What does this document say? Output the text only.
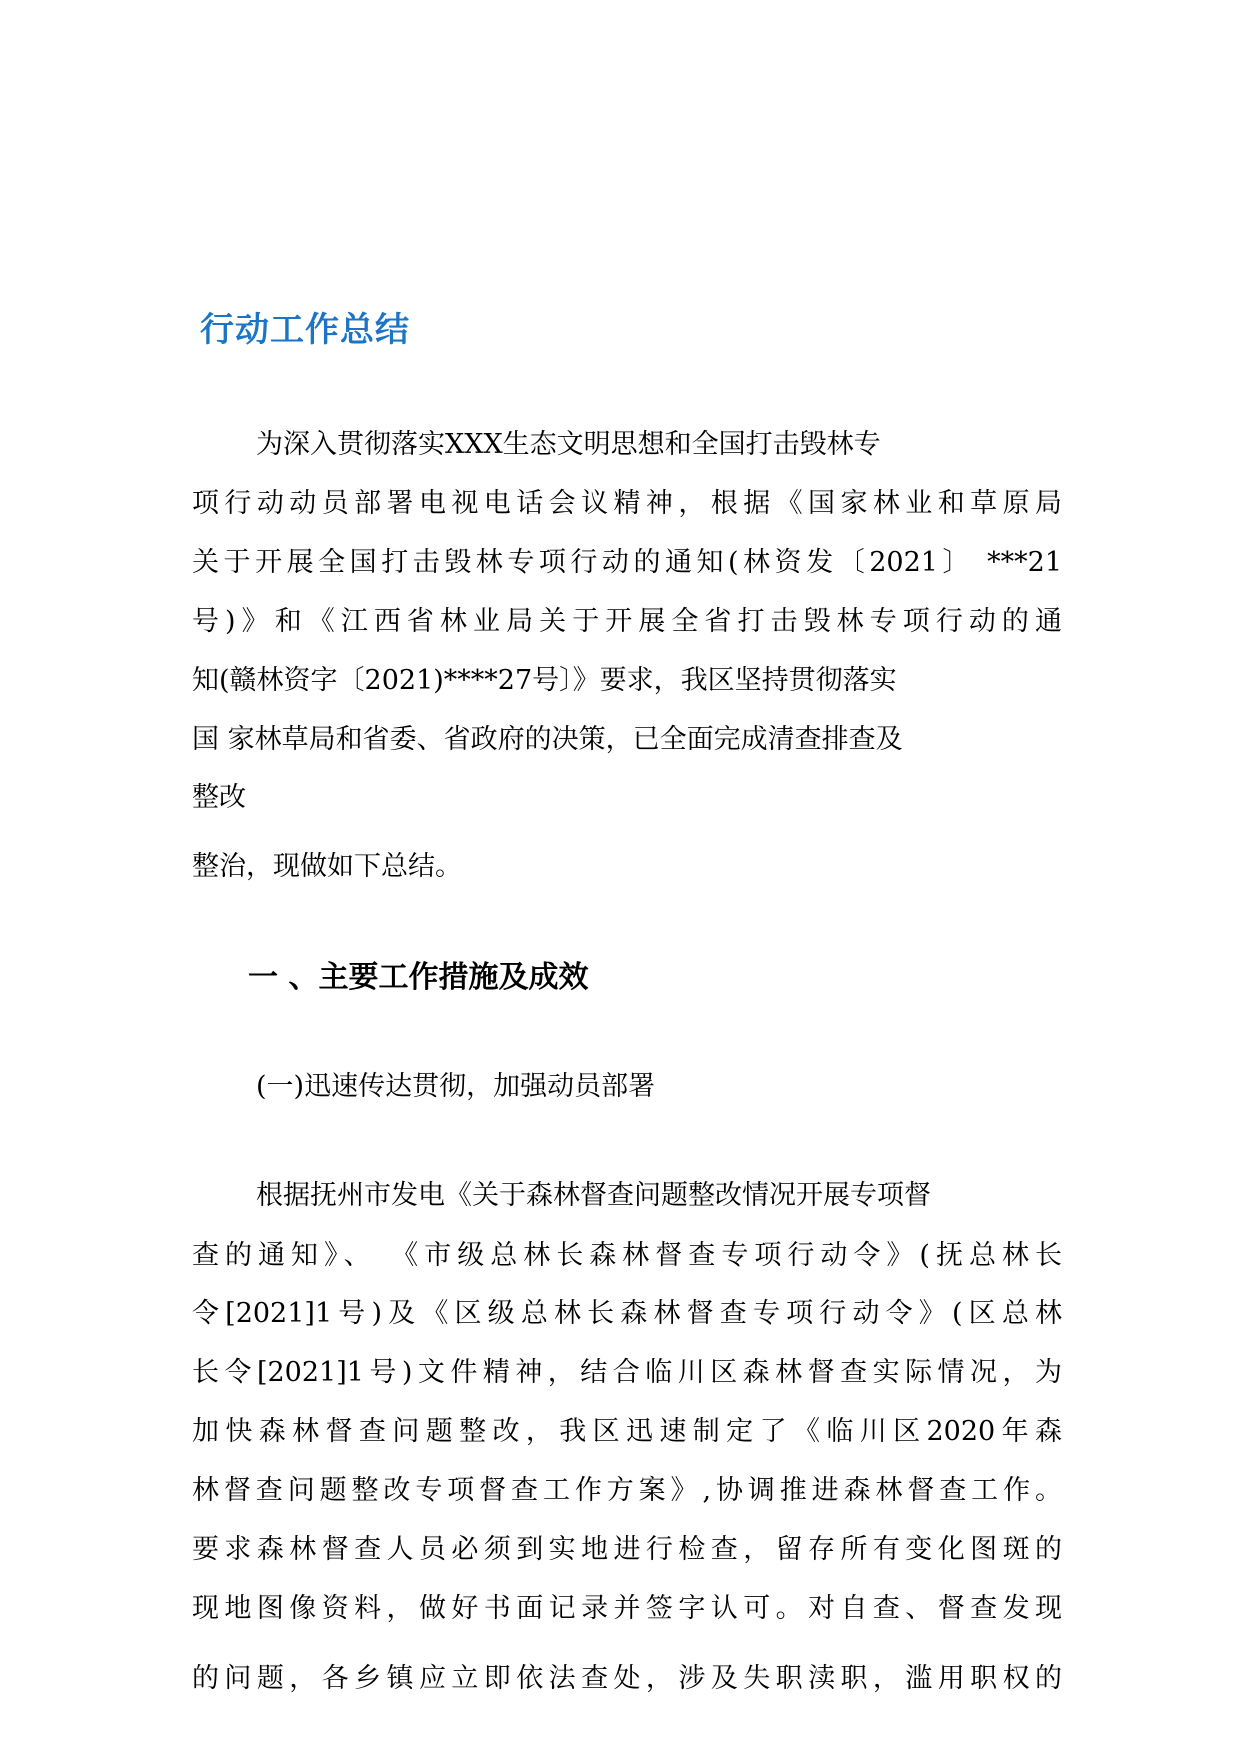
行动工作总结
为深入贯彻落实XXX生态文明思想和全国打击毁林专
项行动动员部署电视电话会议精神，根据《国家林业和草原局
关于开展全国打击毁林专项行动的通知(林资发〔2021〕 ***21
号)》和《江西省林业局关于开展全省打击毁林专项行动的通
知(赣林资字〔2021)****27号〕》要求，我区坚持贯彻落实
国 家林草局和省委、省政府的决策，已全面完成清查排查及
整改
整治，现做如下总结。
一 、主要工作措施及成效
(一)迅速传达贯彻，加强动员部署
根据抚州市发电《关于森林督查问题整改情况开展专项督
查的通知》、 《市级总林长森林督查专项行动令》(抚总林长
令[2021]1号)及《区级总林长森林督查专项行动令》(区总林
长令[2021]1号)文件精神，结合临川区森林督查实际情况，为
加快森林督查问题整改，我区迅速制定了《临川区2020年森
林督查问题整改专项督查工作方案》,协调推进森林督查工作。
要求森林督查人员必须到实地进行检查，留存所有变化图斑的
现地图像资料，做好书面记录并签字认可。对自查、督查发现
的问题，各乡镇应立即依法查处，涉及失职渎职，滥用职权的
